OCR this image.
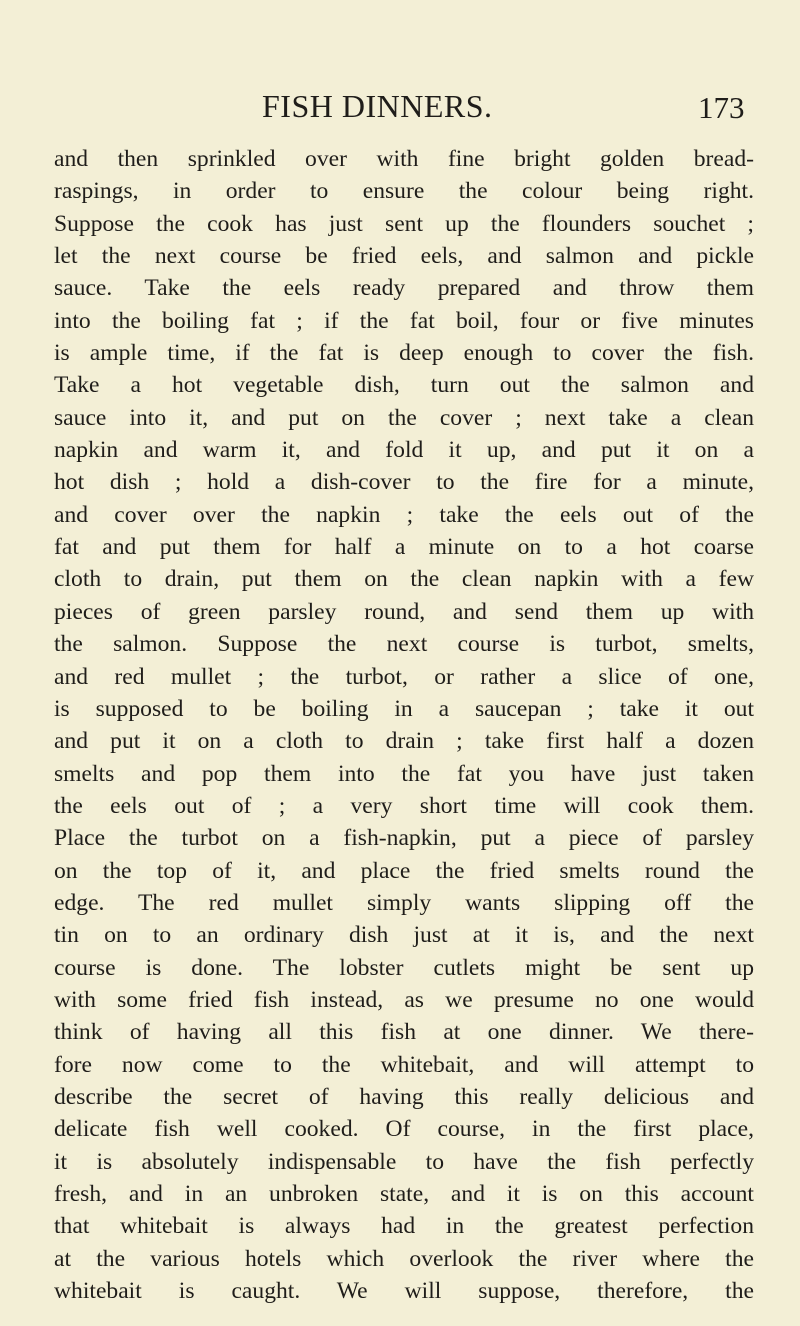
FISH DINNERS.	173
and then sprinkled over with fine bright golden bread-
raspings, in order to ensure the colour being right.
Suppose the cook has just sent up the flounders souchet ;
let the next course be fried eels, and salmon and pickle
sauce. Take the eels ready prepared and throw them
into the boiling fat ; if the fat boil, four or five minutes
is ample time, if the fat is deep enough to cover the fish.
Take a hot vegetable dish, turn out the salmon and
sauce into it, and put on the cover ; next take a clean
napkin and warm it, and fold it up, and put it on a
hot dish ; hold a dish-cover to the fire for a minute,
and cover over the napkin ; take the eels out of the
fat and put them for half a minute on to a hot coarse
cloth to drain, put them on the clean napkin with a few
pieces of green parsley round, and send them up with
the salmon. Suppose the next course is turbot, smelts,
and red mullet ; the turbot, or rather a slice of one,
is supposed to be boiling in a saucepan ; take it out
and put it on a cloth to drain ; take first half a dozen
smelts and pop them into the fat you have just taken
the eels out of ; a very short time will cook them.
Place the turbot on a fish-napkin, put a piece of parsley
on the top of it, and place the fried smelts round the
edge. The red mullet simply wants slipping off the
tin on to an ordinary dish just at it is, and the next
course is done. The lobster cutlets might be sent up
with some fried fish instead, as we presume no one would
think of having all this fish at one dinner. We there-
fore now come to the whitebait, and will attempt to
describe the secret of having this really delicious and
delicate fish well cooked. Of course, in the first place,
it is absolutely indispensable to have the fish perfectly
fresh, and in an unbroken state, and it is on this account
that whitebait is always had in the greatest perfection
at the various hotels which overlook the river where the
whitebait is caught. We will suppose, therefore, the
